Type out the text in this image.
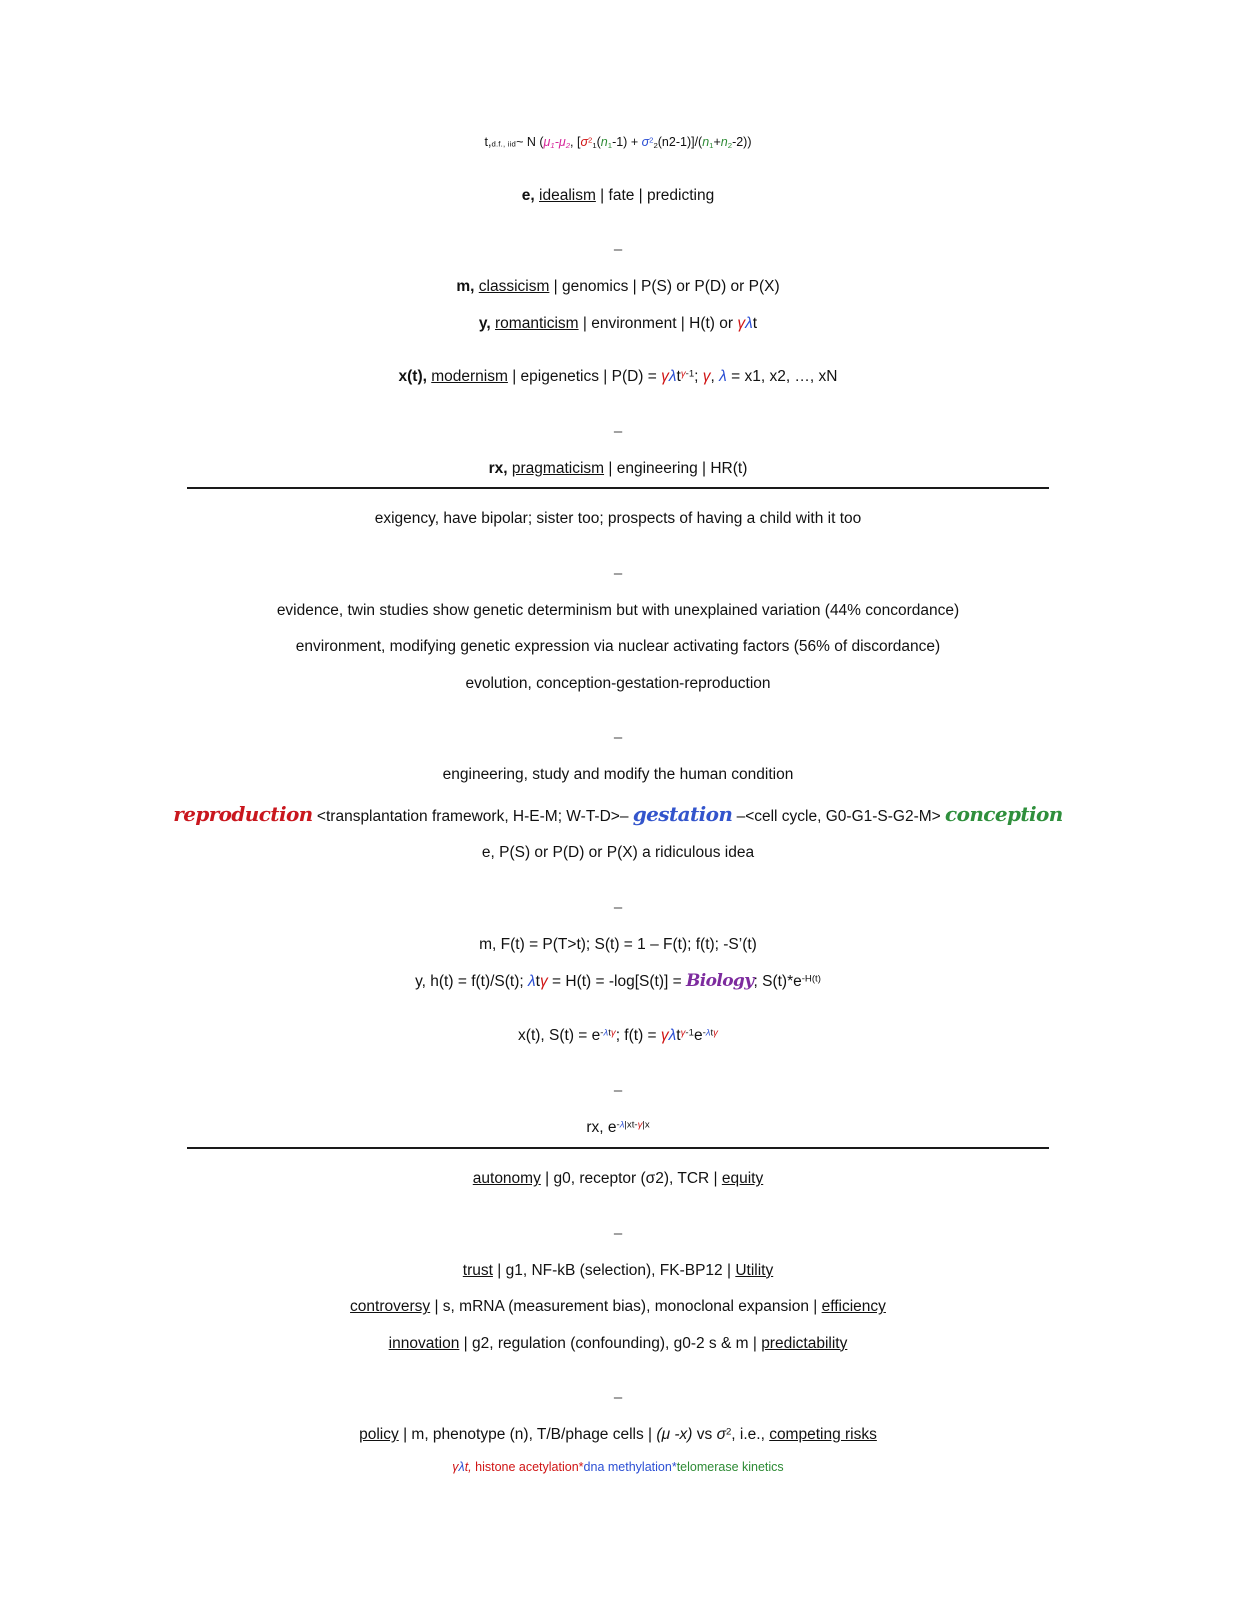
t,d.f., iid~ N ($\mu_1-\mu_2$, $[\sigma^2_1(n_1-1) + \sigma^2_2(n2-1)]/(n_1+n_2-2)$)
e, idealism | fate | predicting
–
m, classicism | genomics | P(S) or P(D) or P(X)
y, romanticism | environment | H(t) or γλt
x(t), modernism | epigenetics | P(D) = γλt$^{\gamma-1}$; γ, λ = x1, x2, …, xN
–
rx, pragmaticism | engineering | HR(t)
exigency, have bipolar; sister too; prospects of having a child with it too
–
evidence, twin studies show genetic determinism but with unexplained variation (44% concordance)
environment, modifying genetic expression via nuclear activating factors (56% of discordance)
evolution, conception-gestation-reproduction
–
engineering, study and modify the human condition
reproduction <transplantation framework, H-E-M; W-T-D>– gestation –<cell cycle, G0-G1-S-G2-M> conception
e, P(S) or P(D) or P(X) a ridiculous idea
–
m, F(t) = P(T>t); S(t) = 1 – F(t); f(t); -S’(t)
y, h(t) = f(t)/S(t); λtγ = H(t) = -log[S(t)] = Biology; $S(t)*e^{-H(t)}$
x(t), $S(t) = e^{-\lambda t\gamma}$; $f(t) = \gamma\lambda t^{\gamma-1}e^{-\lambda t\gamma}$
–
rx, $e^{-\lambda|xt-\gamma|x}$
autonomy | g0, receptor (σ2), TCR | equity
–
trust | g1, NF-kB (selection), FK-BP12 | Utility
controversy | s, mRNA (measurement bias), monoclonal expansion | efficiency
innovation | g2, regulation (confounding), g0-2 s & m | predictability
–
policy | m, phenotype (n), T/B/phage cells | (μ -x) vs $\sigma^2$, i.e., competing risks
γλt, histone acetylation*dna methylation*telomerase kinetics
